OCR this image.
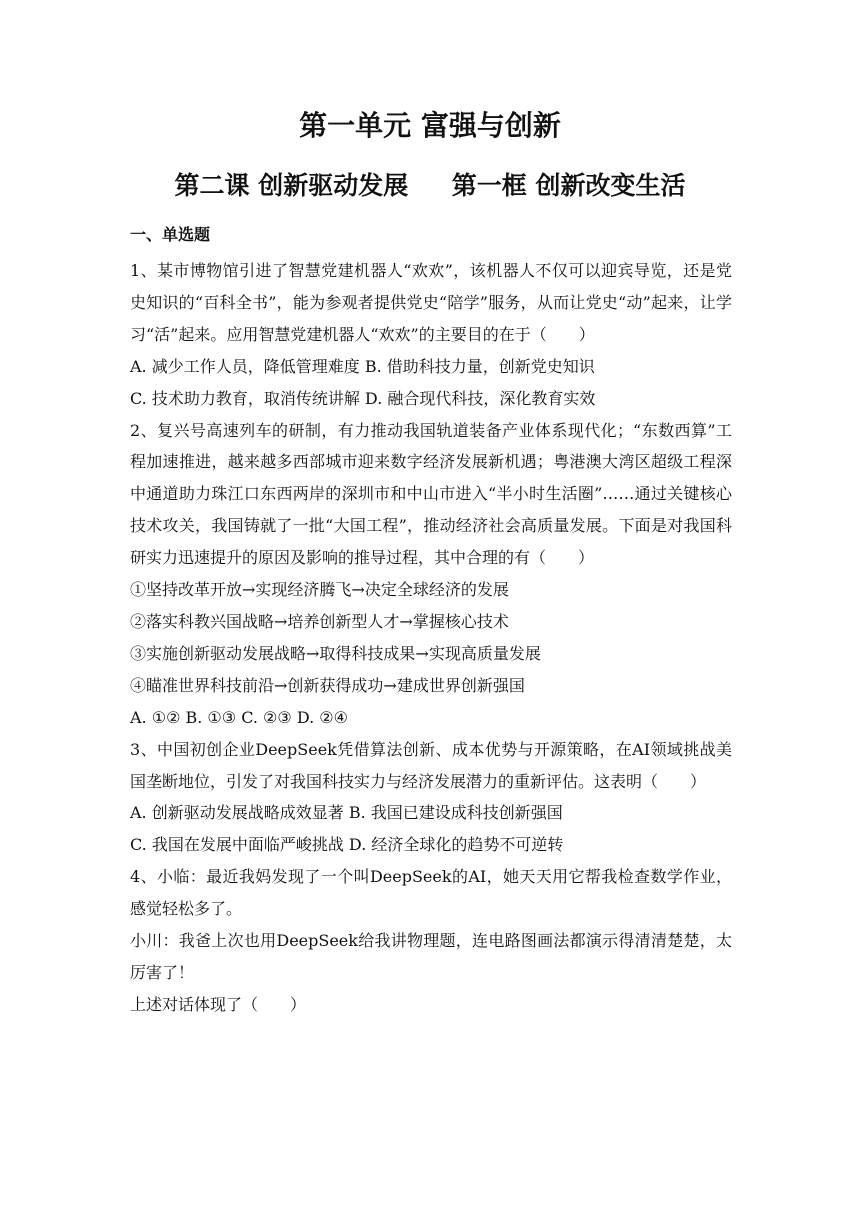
第一单元 富强与创新
第二课 创新驱动发展     第一框 创新改变生活
一、单选题

1、某市博物馆引进了智慧党建机器人“欢欢”，该机器人不仅可以迎宾导览，还是党史知识的“百科全书”，能为参观者提供党史“陪学”服务，从而让党史“动”起来，让学习“活”起来。应用智慧党建机器人“欢欢”的主要目的在于（　　）

A. 减少工作人员，降低管理难度 B. 借助科技力量，创新党史知识

C. 技术助力教育，取消传统讲解 D. 融合现代科技，深化教育实效

2、复兴号高速列车的研制，有力推动我国轨道装备产业体系现代化；“东数西算”工程加速推进，越来越多西部城市迎来数字经济发展新机遇；粤港澳大湾区超级工程深中通道助力珠江口东西两岸的深圳市和中山市进入“半小时生活圈”……通过关键核心技术攻关，我国铸就了一批“大国工程”，推动经济社会高质量发展。下面是对我国科研实力迅速提升的原因及影响的推导过程，其中合理的有（　　）

①坚持改革开放→实现经济腾飞→决定全球经济的发展

②落实科教兴国战略→培养创新型人才→掌握核心技术

③实施创新驱动发展战略→取得科技成果→实现高质量发展

④瞄准世界科技前沿→创新获得成功→建成世界创新强国

A. ①② B. ①③ C. ②③ D. ②④

3、中国初创企业DeepSeek凭借算法创新、成本优势与开源策略，在AI领域挑战美国垄断地位，引发了对我国科技实力与经济发展潜力的重新评估。这表明（　　）

A. 创新驱动发展战略成效显著 B. 我国已建设成科技创新强国

C. 我国在发展中面临严峻挑战 D. 经济全球化的趋势不可逆转

4、小临：最近我妈发现了一个叫DeepSeek的AI，她天天用它帮我检查数学作业，感觉轻松多了。

小川：我爸上次也用DeepSeek给我讲物理题，连电路图画法都演示得清清楚楚，太厉害了！

上述对话体现了（　　）
